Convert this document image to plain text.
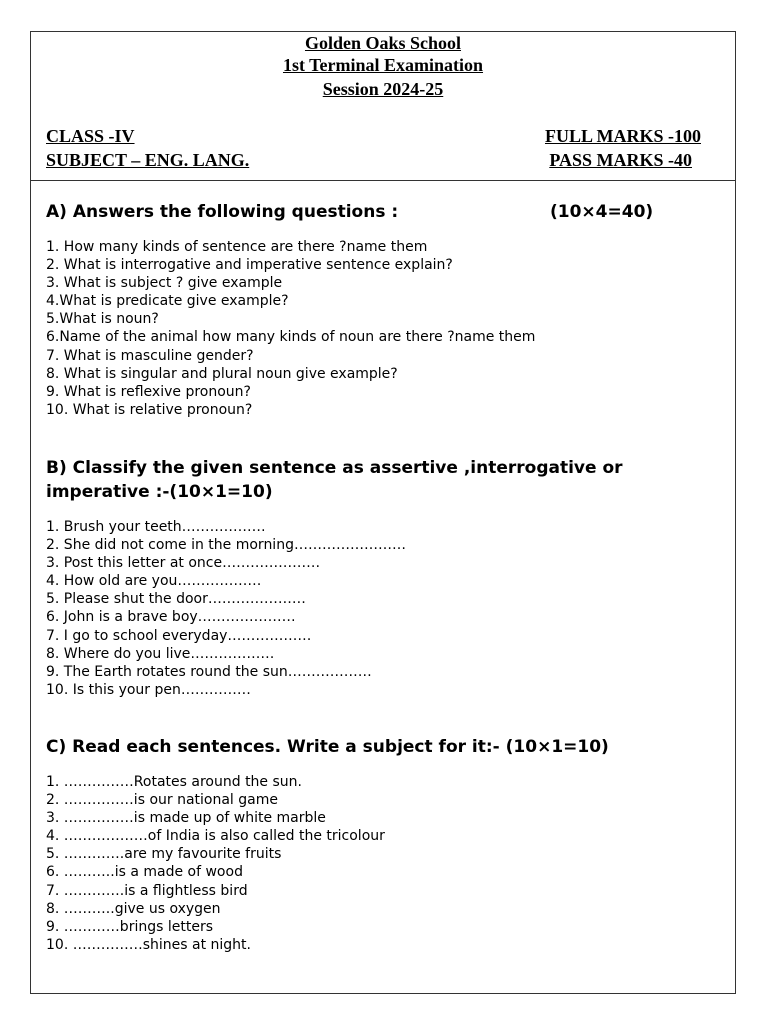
Golden Oaks School
1st Terminal Examination
Session 2024-25
CLASS -IV
SUBJECT – ENG. LANG.
FULL MARKS -100
PASS MARKS -40
A) Answers the following questions :	(10×4=40)
1. How many kinds of sentence are there ?name them
2. What is interrogative and imperative sentence explain?
3. What is subject ? give example
4.What is predicate give example?
5.What is noun?
6.Name of the animal how many kinds of noun are there ?name them
7. What is masculine gender?
8. What is singular and plural noun give example?
9. What is reflexive pronoun?
10. What is relative pronoun?
B) Classify the given sentence as assertive ,interrogative or
imperative :-(10×1=10)
1. Brush your teeth………………
2. She did not come in the morning……………………
3. Post this letter at once…………………
4. How old are you………………
5. Please shut the door…………………
6. John is a brave boy…………………
7. I go to school everyday………………
8. Where do you live………………
9. The Earth rotates round the sun………………
10. Is this your pen……………
C) Read each sentences. Write a subject for it:- (10×1=10)
1. ……………Rotates around the sun.
2. ……………is our national game
3. ……………is made up of white marble
4. ………………of India is also called the tricolour
5. ………….are my favourite fruits
6. ………..is a made of wood
7. ………….is a flightless bird
8. ………..give us oxygen
9. …………brings letters
10. ……………shines at night.
